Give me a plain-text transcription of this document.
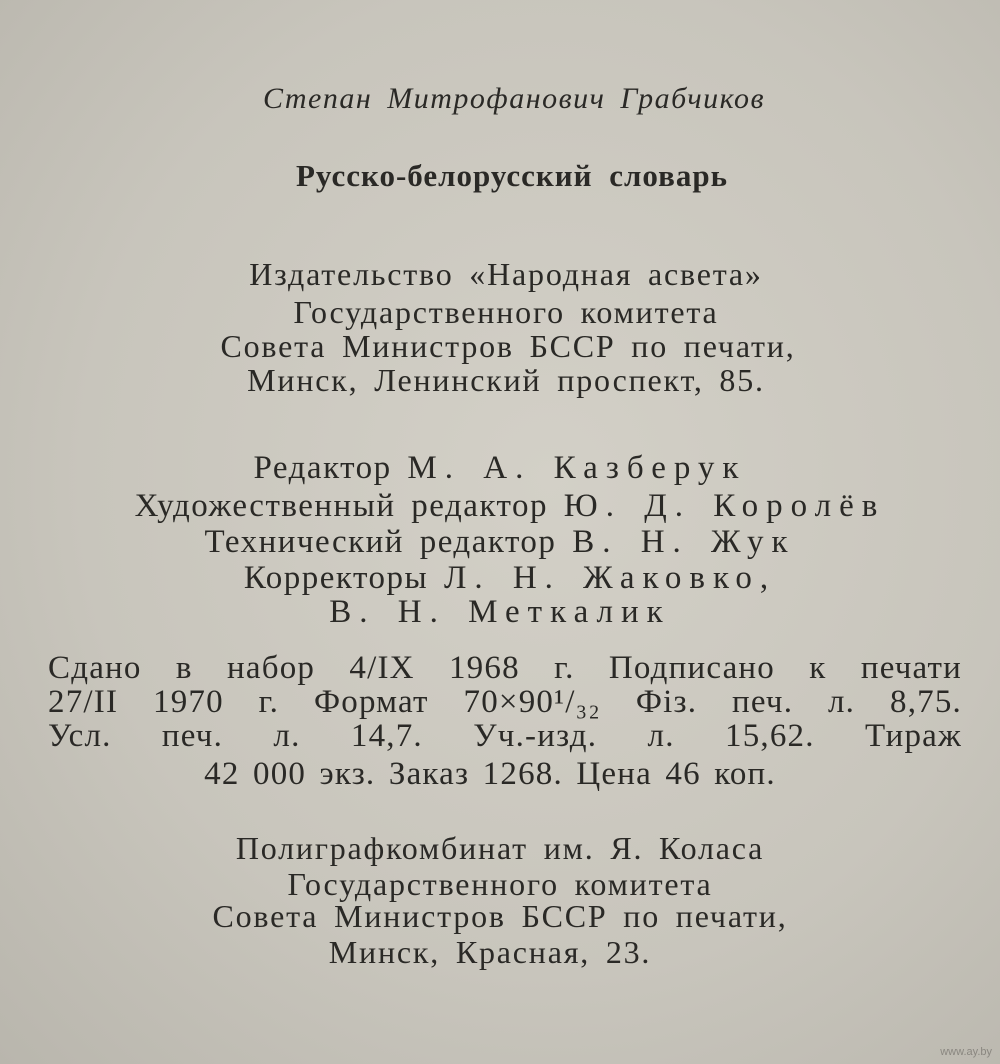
Степан Митрофанович Грабчиков
Русско-белорусский словарь
Издательство «Народная асвета»
Государственного комитета
Совета Министров БССР по печати,
Минск, Ленинский проспект, 85.
Редактор М. А. Казберук
Художественный редактор Ю. Д. Королёв
Технический редактор В. Н. Жук
Корректоры Л. Н. Жаковко,
В. Н. Меткалик
Сдано в набор 4/IX 1968 г. Подписано к печати
27/II 1970 г. Формат 70×90¹/₃₂ Фіз. печ. л. 8,75.
Усл. печ. л. 14,7. Уч.-изд. л. 15,62. Тираж
42 000 экз. Заказ 1268. Цена 46 коп.
Полиграфкомбинат им. Я. Коласа
Государственного комитета
Совета Министров БССР по печати,
Минск, Красная, 23.
www.ay.by
